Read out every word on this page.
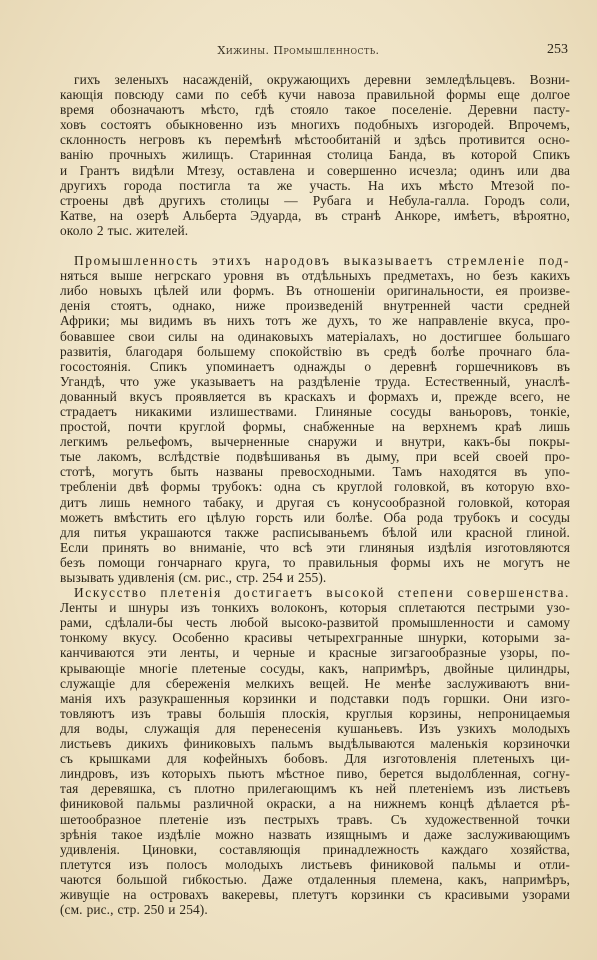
Хижины. Промышленность.	253
гихъ зеленыхъ насажденій, окружающихъ деревни земледѣльцевъ. Возни-
кающія повсюду сами по себѣ кучи навоза правильной формы еще долгое
время обозначаютъ мѣсто, гдѣ стояло такое поселеніе. Деревни пасту-
ховъ состоятъ обыкновенно изъ многихъ подобныхъ изгородей. Впрочемъ,
склонность негровъ къ перемѣнѣ мѣстообитаній и здѣсь противится осно-
ванію прочныхъ жилищъ. Старинная столица Банда, въ которой Спикъ
и Грантъ видѣли Мтезу, оставлена и совершенно исчезла; одинъ или два
другихъ города постигла та же участь. На ихъ мѣсто Мтезой по-
строены двѣ другихъ столицы — Рубага и Небула-галла. Городъ соли,
Катве, на озерѣ Альберта Эдуарда, въ странѣ Анкоре, имѣетъ, вѣроятно,
около 2 тыс. жителей.
Промышленность этихъ народовъ выказываетъ стремленіе под-
няться выше негрскаго уровня въ отдѣльныхъ предметахъ, но безъ какихъ
либо новыхъ цѣлей или формъ. Въ отношеніи оригинальности, ея произве-
денія стоятъ, однако, ниже произведеній внутренней части средней
Африки; мы видимъ въ нихъ тотъ же духъ, то же направленіе вкуса, про-
бовавшее свои силы на одинаковыхъ матеріалахъ, но достигшее большаго
развитія, благодаря большему спокойствію въ средѣ болѣе прочнаго бла-
госостоянія. Спикъ упоминаетъ однажды о деревнѣ горшечниковъ въ
Угандѣ, что уже указываетъ на раздѣленіе труда. Естественный, унаслѣ-
дованный вкусъ проявляется въ краскахъ и формахъ и, прежде всего, не
страдаетъ никакими излишествами. Глиняные сосуды ваньоровъ, тонкіе,
простой, почти круглой формы, снабженные на верхнемъ краѣ лишь
легкимъ рельефомъ, вычерненные снаружи и внутри, какъ-бы покры-
тые лакомъ, вслѣдствіе подвѣшиванья въ дыму, при всей своей про-
стотѣ, могутъ быть названы превосходными. Тамъ находятся въ упо-
требленіи двѣ формы трубокъ: одна съ круглой головкой, въ которую вхо-
дитъ лишь немного табаку, и другая съ конусообразной головкой, которая
можетъ вмѣстить его цѣлую горсть или болѣе. Оба рода трубокъ и сосуды
для питья украшаются также расписываньемъ бѣлой или красной глиной.
Если принять во вниманіе, что всѣ эти глиняныя издѣлія изготовляются
безъ помощи гончарнаго круга, то правильныя формы ихъ не могутъ не
вызывать удивленія (см. рис., стр. 254 и 255).
Искусство плетенія достигаетъ высокой степени совершенства.
Ленты и шнуры изъ тонкихъ волоконъ, которыя сплетаются пестрыми узо-
рами, сдѣлали-бы честь любой высоко-развитой промышленности и самому
тонкому вкусу. Особенно красивы четырехгранные шнурки, которыми за-
канчиваются эти ленты, и черные и красные зигзагообразные узоры, по-
крывающіе многіе плетеные сосуды, какъ, напримѣръ, двойные цилиндры,
служащіе для сбереженія мелкихъ вещей. Не менѣе заслуживаютъ вни-
манія ихъ разукрашенныя корзинки и подставки подъ горшки. Они изго-
товляютъ изъ травы большія плоскія, круглыя корзины, непроницаемыя
для воды, служащія для перенесенія кушаньевъ. Изъ узкихъ молодыхъ
листьевъ дикихъ финиковыхъ пальмъ выдѣлываются маленькія корзиночки
съ крышками для кофейныхъ бобовъ. Для изготовленія плетеныхъ ци-
линдровъ, изъ которыхъ пьютъ мѣстное пиво, берется выдолбленная, согну-
тая деревяшка, съ плотно прилегающимъ къ ней плетеніемъ изъ листьевъ
финиковой пальмы различной окраски, а на нижнемъ концѣ дѣлается рѣ-
шетообразное плетеніе изъ пестрыхъ травъ. Съ художественной точки
зрѣнія такое издѣліе можно назвать изящнымъ и даже заслуживающимъ
удивленія. Циновки, составляющія принадлежность каждаго хозяйства,
плетутся изъ полосъ молодыхъ листьевъ финиковой пальмы и отли-
чаются большой гибкостью. Даже отдаленныя племена, какъ, напримѣръ,
живущіе на островахъ вакеревы, плетутъ корзинки съ красивыми узорами
(см. рис., стр. 250 и 254).
